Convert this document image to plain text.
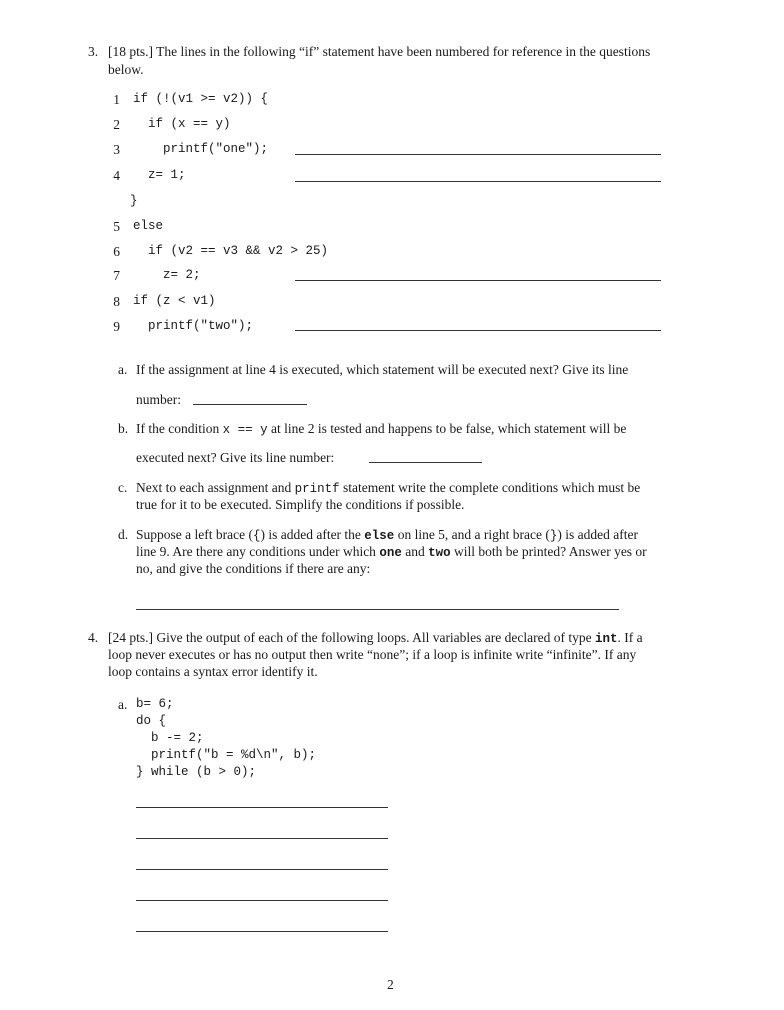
3. [18 pts.] The lines in the following “if” statement have been numbered for reference in the questions
below.
1 if (!(v1 >= v2)) {
2 if (x == y)
3	printf("one");
4 z= 1;
}
5 else
6 if (v2 == v3 && v2 > 25)
7	z= 2;
8 if (z < v1)
9 printf("two");
a. If the assignment at line 4 is executed, which statement will be executed next? Give its line
number:
b. If the condition x == y at line 2 is tested and happens to be false, which statement will be
executed next? Give its line number:
c. Next to each assignment and printf statement write the complete conditions which must be
true for it to be executed. Simplify the conditions if possible.
d. Suppose a left brace ({) is added after the else on line 5, and a right brace (}) is added after
line 9. Are there any conditions under which one and two will both be printed? Answer yes or
no, and give the conditions if there are any:
4. [24 pts.] Give the output of each of the following loops. All variables are declared of type int. If a
loop never executes or has no output then write “none”; if a loop is infinite write “infinite”. If any
loop contains a syntax error identify it.
a. b= 6;
do {
b -= 2;
printf("b = %d\n", b);
} while (b > 0);
2
